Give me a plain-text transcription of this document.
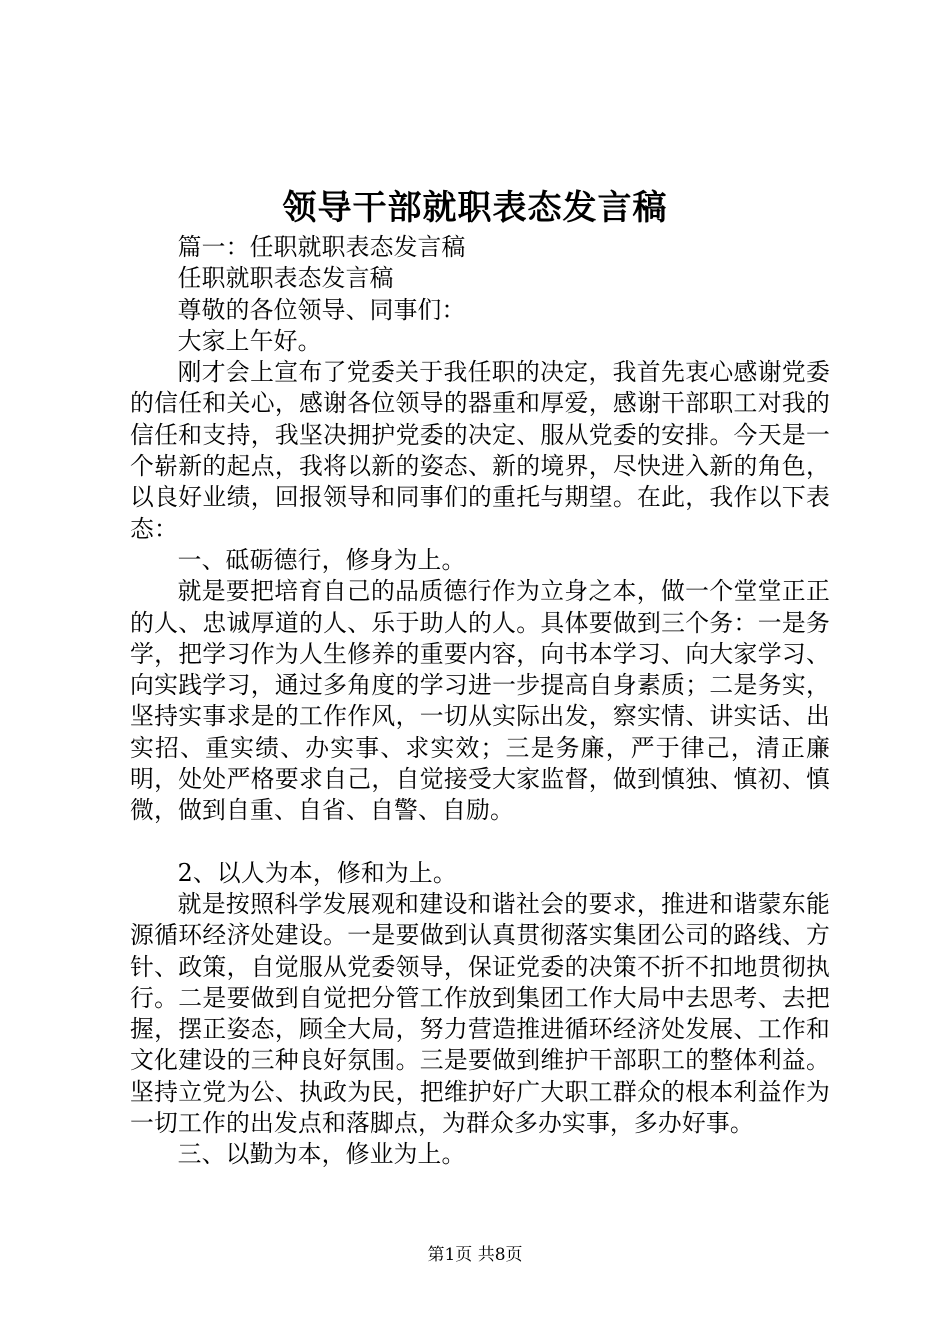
领导干部就职表态发言稿

篇一：任职就职表态发言稿

任职就职表态发言稿

尊敬的各位领导、同事们：

大家上午好。

刚才会上宣布了党委关于我任职的决定，我首先衷心感谢党委的信任和关心，感谢各位领导的器重和厚爱，感谢干部职工对我的信任和支持，我坚决拥护党委的决定、服从党委的安排。今天是一个崭新的起点，我将以新的姿态、新的境界，尽快进入新的角色，以良好业绩，回报领导和同事们的重托与期望。在此，我作以下表态：

一、砥砺德行，修身为上。

就是要把培育自己的品质德行作为立身之本，做一个堂堂正正的人、忠诚厚道的人、乐于助人的人。具体要做到三个务：一是务学，把学习作为人生修养的重要内容，向书本学习、向大家学习、向实践学习，通过多角度的学习进一步提高自身素质；二是务实，坚持实事求是的工作作风，一切从实际出发，察实情、讲实话、出实招、重实绩、办实事、求实效；三是务廉，严于律己，清正廉明，处处严格要求自己，自觉接受大家监督，做到慎独、慎初、慎微，做到自重、自省、自警、自励。

2、以人为本，修和为上。

就是按照科学发展观和建设和谐社会的要求，推进和谐蒙东能源循环经济处建设。一是要做到认真贯彻落实集团公司的路线、方针、政策，自觉服从党委领导，保证党委的决策不折不扣地贯彻执行。二是要做到自觉把分管工作放到集团工作大局中去思考、去把握，摆正姿态，顾全大局，努力营造推进循环经济处发展、工作和文化建设的三种良好氛围。三是要做到维护干部职工的整体利益。坚持立党为公、执政为民，把维护好广大职工群众的根本利益作为一切工作的出发点和落脚点，为群众多办实事，多办好事。

三、以勤为本，修业为上。

第1页 共8页
